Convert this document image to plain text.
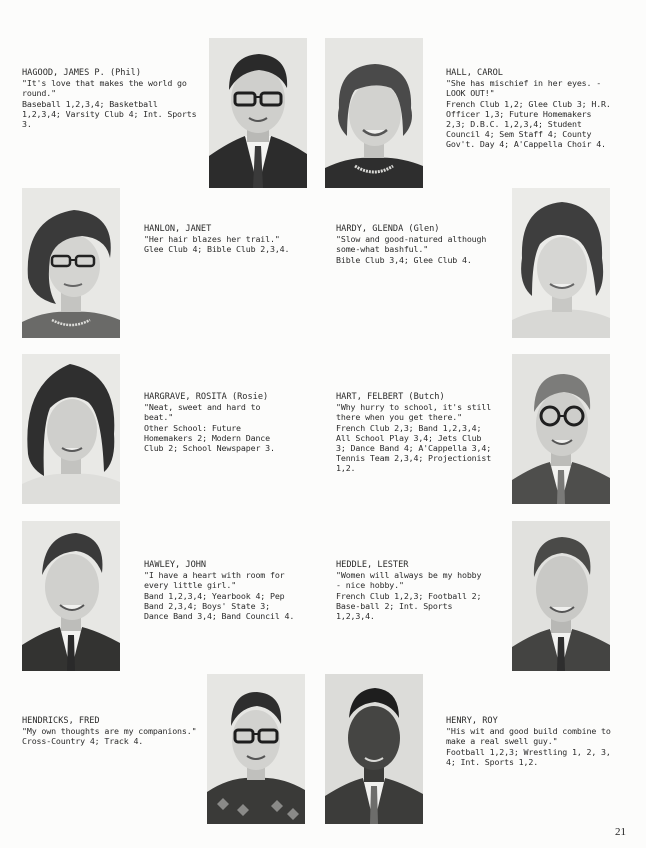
HAGOOD, JAMES P. (Phil)
"It's love that makes the world go round."
Baseball 1,2,3,4; Basketball 1,2,3,4; Varsity Club 4; Int. Sports 3.
HALL, CAROL
"She has mischief in her eyes. - LOOK OUT!"
French Club 1,2; Glee Club 3; H.R. Officer 1,3; Future Homemakers 2,3; D.B.C. 1,2,3,4; Student Council 4; Sem Staff 4; County Gov't. Day 4; A'Cappella Choir 4.
HANLON, JANET
"Her hair blazes her trail."
Glee Club 4; Bible Club 2,3,4.
HARDY, GLENDA (Glen)
"Slow and good-natured although some-what bashful."
Bible Club 3,4; Glee Club 4.
HARGRAVE, ROSITA (Rosie)
"Neat, sweet and hard to beat."
Other School: Future Homemakers 2; Modern Dance Club 2; School Newspaper 3.
HART, FELBERT (Butch)
"Why hurry to school, it's still there when you get there."
French Club 2,3; Band 1,2,3,4; All School Play 3,4; Jets Club 3; Dance Band 4; A'Cappella 3,4; Tennis Team 2,3,4; Projectionist 1,2.
HAWLEY, JOHN
"I have a heart with room for every little girl."
Band 1,2,3,4; Yearbook 4; Pep Band 2,3,4; Boys' State 3; Dance Band 3,4; Band Council 4.
HEDDLE, LESTER
"Women will always be my hobby - nice hobby."
French Club 1,2,3; Football 2; Base-ball 2; Int. Sports 1,2,3,4.
HENDRICKS, FRED
"My own thoughts are my companions."
Cross-Country 4; Track 4.
HENRY, ROY
"His wit and good build combine to make a real swell guy."
Football 1,2,3; Wrestling 1, 2, 3, 4; Int. Sports 1,2.
21
